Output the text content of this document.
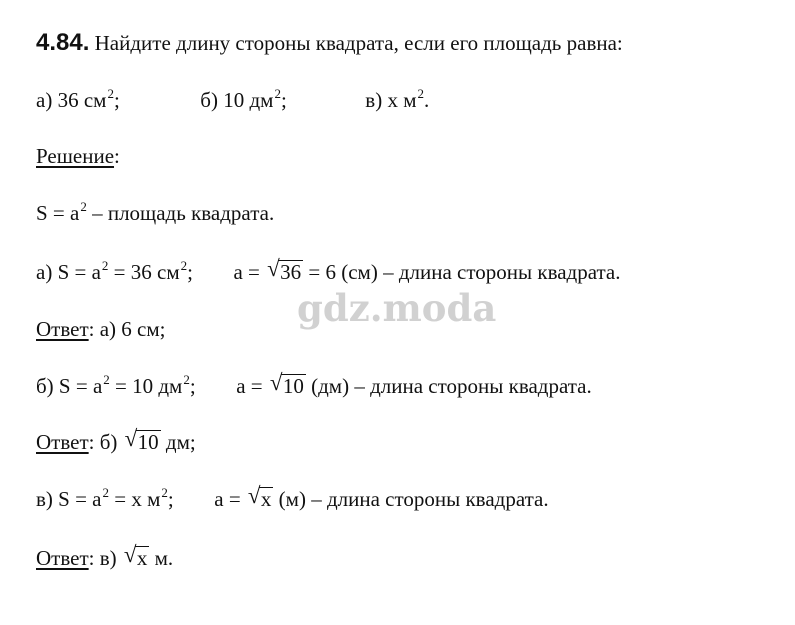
4.84. Найдите длину стороны квадрата, если его площадь равна:
а) 36 $см^2$;	б) 10 $дм^2$;	в) x $м^2$.
Решение:
$S = a^2$ – площадь квадрата.
а) $S = a^2 = 36$ $см^2$; a = √ 36 = 6 (см) – длина стороны квадрата.
Ответ: а) 6 см;
б) $S = a^2 = 10$ $дм^2$; a = √ 10 (дм) – длина стороны квадрата.
Ответ: б) √ 10 дм;
в) $S = a^2 = x$ $м^2$; a = √ x (м) – длина стороны квадрата.
Ответ: в) √ x м.
gdz.moda
